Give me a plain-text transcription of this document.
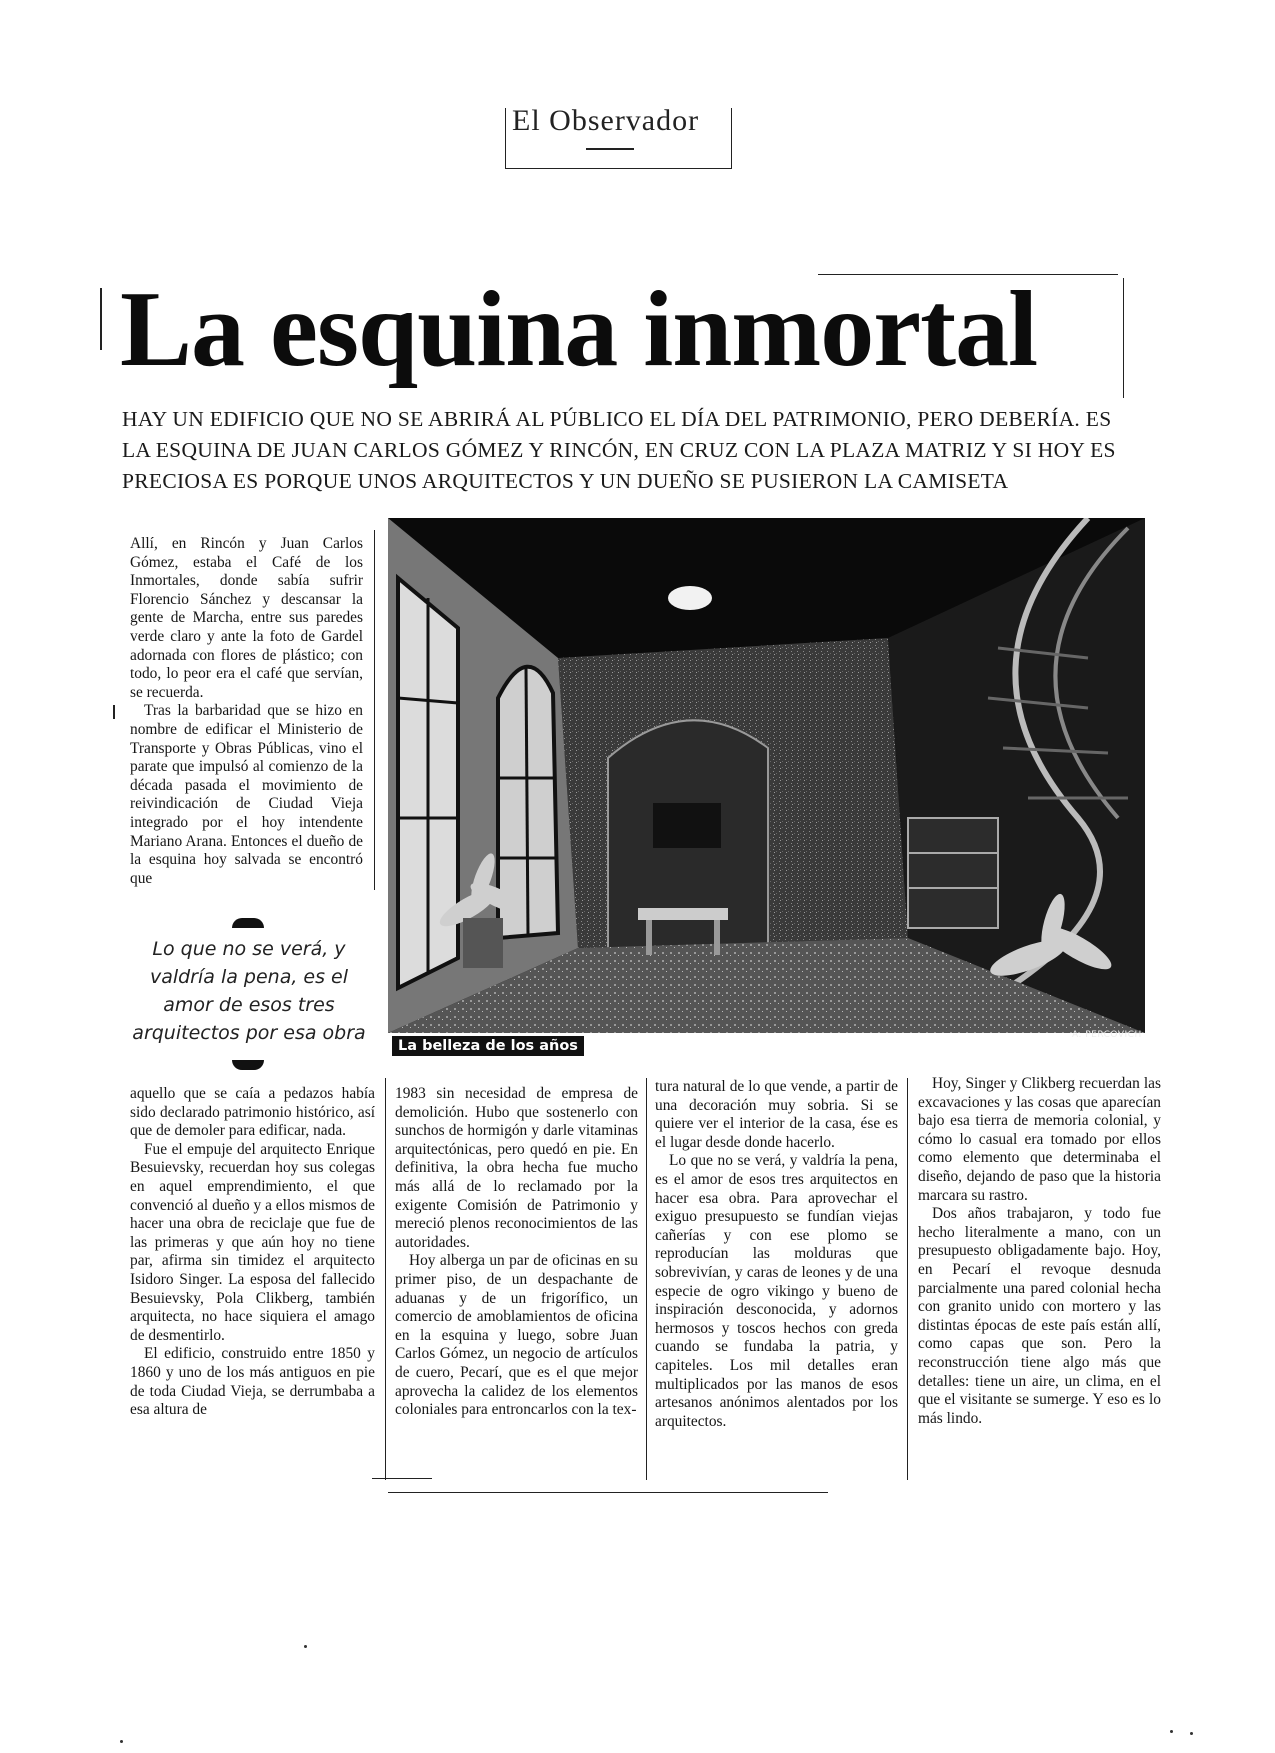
El Observador
La esquina inmortal
HAY UN EDIFICIO QUE NO SE ABRIRÁ AL PÚBLICO EL DÍA DEL PATRIMONIO, PERO DEBERÍA. ES
LA ESQUINA DE JUAN CARLOS GÓMEZ Y RINCÓN, EN CRUZ CON LA PLAZA MATRIZ Y SI HOY ES
PRECIOSA ES PORQUE UNOS ARQUITECTOS Y UN DUEÑO SE PUSIERON LA CAMISETA

Allí, en Rincón y Juan Carlos Gómez, estaba el Café de los Inmortales, donde sabía sufrir Florencio Sánchez y descansar la gente de Marcha, entre sus paredes verde claro y ante la foto de Gardel adornada con flores de plástico; con todo, lo peor era el café que servían, se recuerda.

Tras la barbaridad que se hizo en nombre de edificar el Ministerio de Transporte y Obras Públicas, vino el parate que impulsó al comienzo de la década pasada el movimiento de reivindicación de Ciudad Vieja integrado por el hoy intendente Mariano Arana. Entonces el dueño de la esquina hoy salvada se encontró que

Lo que no se verá, y valdría la pena, es el amor de esos tres arquitectos por esa obra
La belleza de los años
A. PERCOVICH

aquello que se caía a pedazos había sido declarado patrimonio histórico, así que de demoler para edificar, nada.

Fue el empuje del arquitecto Enrique Besuievsky, recuerdan hoy sus colegas en aquel emprendimiento, el que convenció al dueño y a ellos mismos de hacer una obra de reciclaje que fue de las primeras y que aún hoy no tiene par, afirma sin timidez el arquitecto Isidoro Singer. La esposa del fallecido Besuievsky, Pola Clikberg, también arquitecta, no hace siquiera el amago de desmentirlo.

El edificio, construido entre 1850 y 1860 y uno de los más antiguos en pie de toda Ciudad Vieja, se derrumbaba a esa altura de

1983 sin necesidad de empresa de demolición. Hubo que sostenerlo con sunchos de hormigón y darle vitaminas arquitectónicas, pero quedó en pie. En definitiva, la obra hecha fue mucho más allá de lo reclamado por la exigente Comisión de Patrimonio y mereció plenos reconocimientos de las autoridades.

Hoy alberga un par de oficinas en su primer piso, de un despachante de aduanas y de un frigorífico, un comercio de amoblamientos de oficina en la esquina y luego, sobre Juan Carlos Gómez, un negocio de artículos de cuero, Pecarí, que es el que mejor aprovecha la calidez de los elementos coloniales para entroncarlos con la tex-

tura natural de lo que vende, a partir de una decoración muy sobria. Si se quiere ver el interior de la casa, ése es el lugar desde donde hacerlo.

Lo que no se verá, y valdría la pena, es el amor de esos tres arquitectos en hacer esa obra. Para aprovechar el exiguo presupuesto se fundían viejas cañerías y con ese plomo se reproducían las molduras que sobrevivían, y caras de leones y de una especie de ogro vikingo y bueno de inspiración desconocida, y adornos hermosos y toscos hechos con greda cuando se fundaba la patria, y capiteles. Los mil detalles eran multiplicados por las manos de esos artesanos anónimos alentados por los arquitectos.

Hoy, Singer y Clikberg recuerdan las excavaciones y las cosas que aparecían bajo esa tierra de memoria colonial, y cómo lo casual era tomado por ellos como elemento que determinaba el diseño, dejando de paso que la historia marcara su rastro.

Dos años trabajaron, y todo fue hecho literalmente a mano, con un presupuesto obligadamente bajo. Hoy, en Pecarí el revoque desnuda parcialmente una pared colonial hecha con granito unido con mortero y las distintas épocas de este país están allí, como capas que son. Pero la reconstrucción tiene algo más que detalles: tiene un aire, un clima, en el que el visitante se sumerge. Y eso es lo más lindo.
